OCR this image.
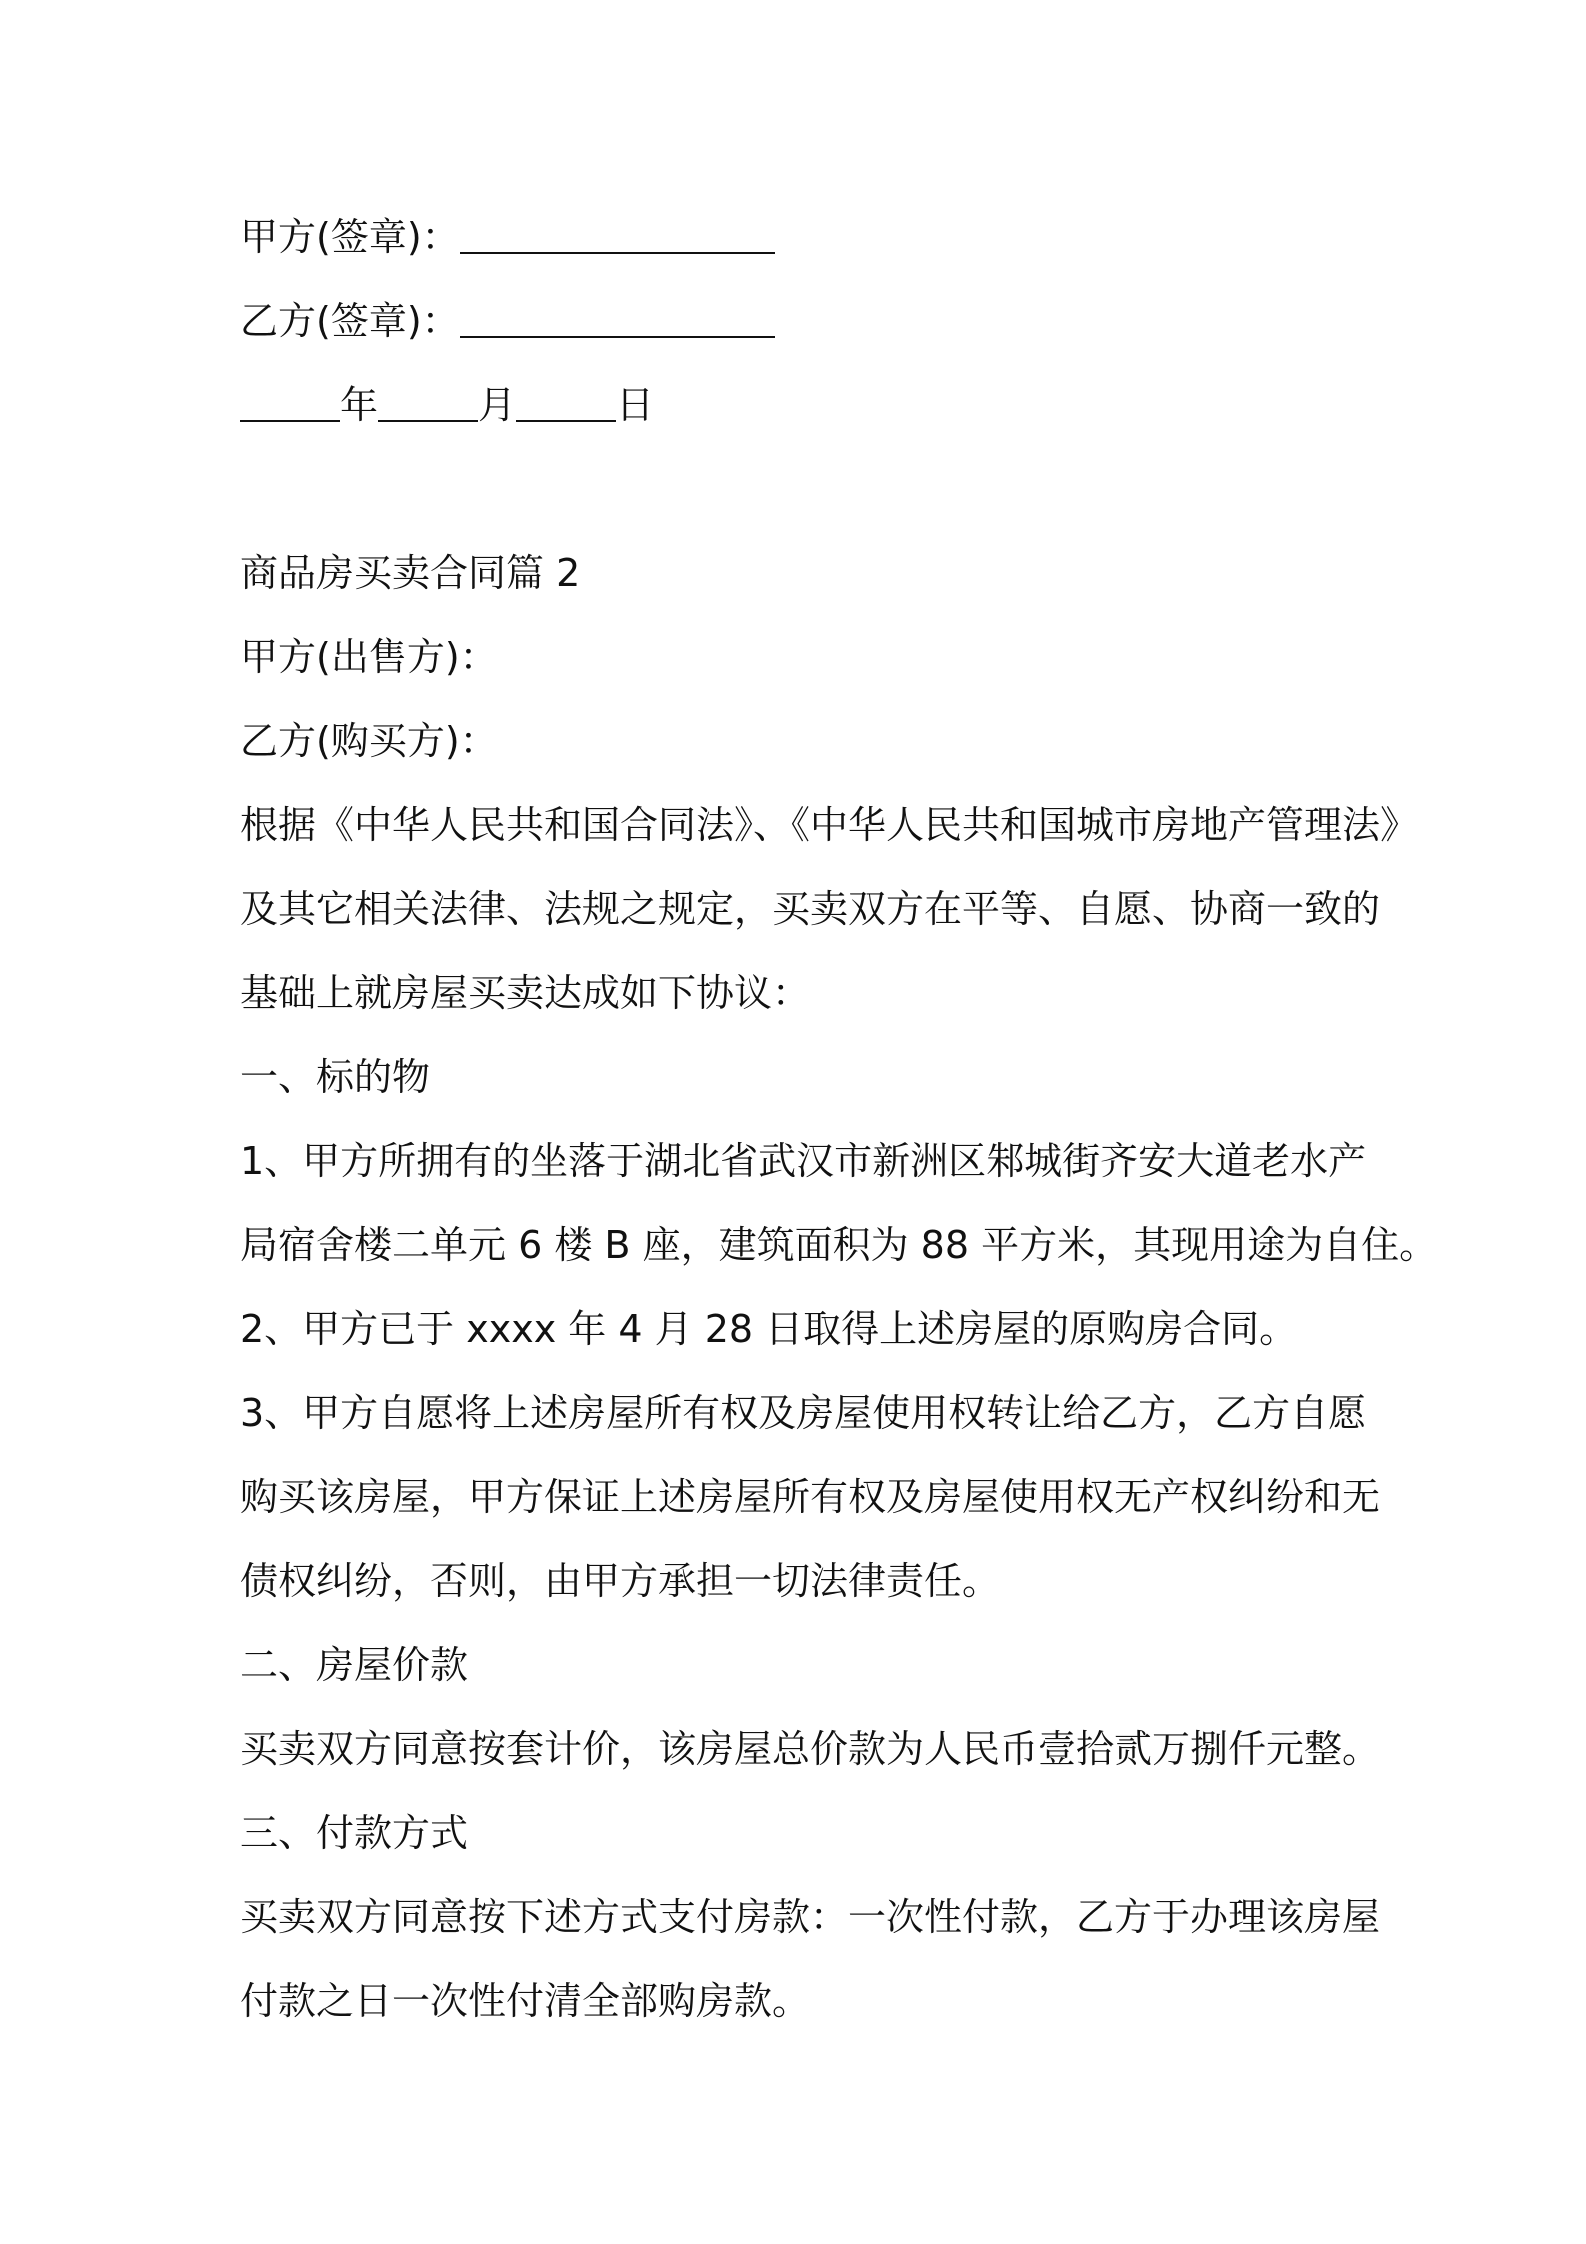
甲方(签章)：
乙方(签章)：
年	月	日
商品房买卖合同篇 2
甲方(出售方)：
乙方(购买方)：
根据《中华人民共和国合同法》、《中华人民共和国城市房地产管理法》
及其它相关法律、法规之规定，买卖双方在平等、自愿、协商一致的
基础上就房屋买卖达成如下协议：
一、标的物
1、甲方所拥有的坐落于湖北省武汉市新洲区邾城街齐安大道老水产
局宿舍楼二单元 6 楼 B 座，建筑面积为 88 平方米，其现用途为自住。
2、甲方已于 xxxx 年 4 月 28 日取得上述房屋的原购房合同。
3、甲方自愿将上述房屋所有权及房屋使用权转让给乙方，乙方自愿
购买该房屋，甲方保证上述房屋所有权及房屋使用权无产权纠纷和无
债权纠纷，否则，由甲方承担一切法律责任。
二、房屋价款
买卖双方同意按套计价，该房屋总价款为人民币壹拾贰万捌仟元整。
三、付款方式
买卖双方同意按下述方式支付房款：一次性付款，乙方于办理该房屋
付款之日一次性付清全部购房款。
